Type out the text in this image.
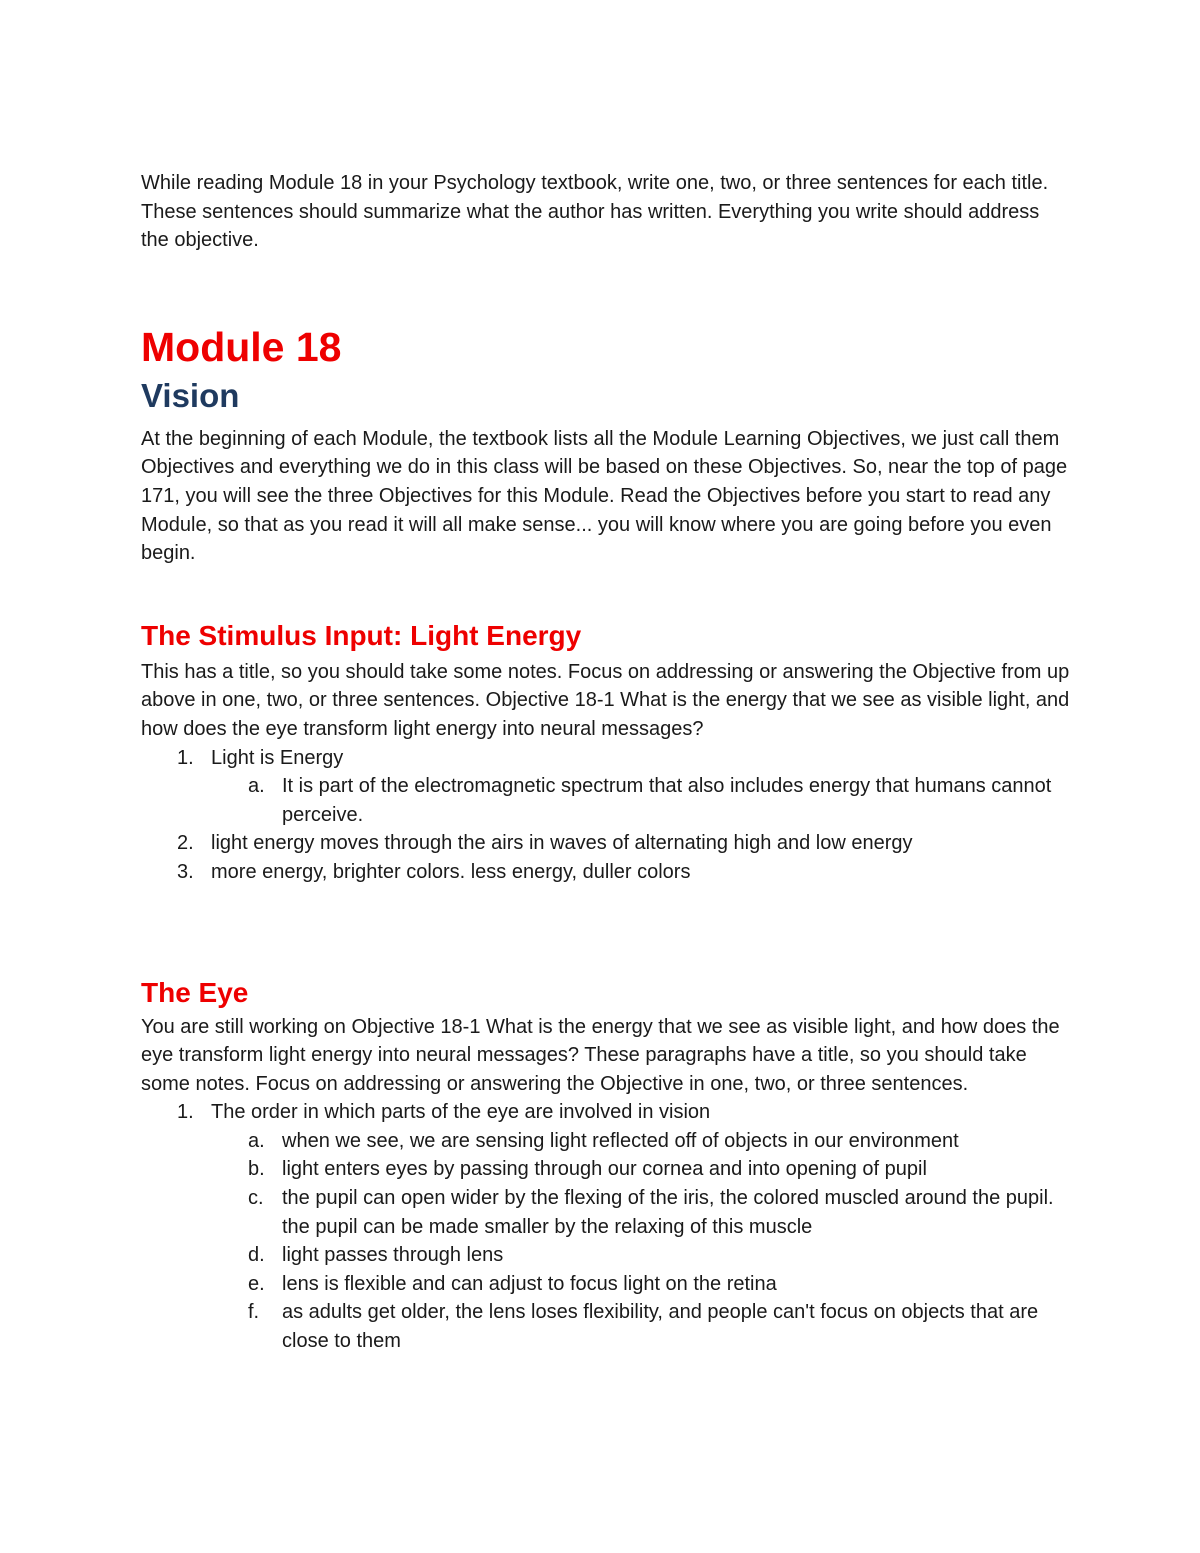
While reading Module 18 in your Psychology textbook, write one, two, or three sentences for each title. These sentences should summarize what the author has written. Everything you write should address the objective.

Module 18
Vision

At the beginning of each Module, the textbook lists all the Module Learning Objectives, we just call them Objectives and everything we do in this class will be based on these Objectives. So, near the top of page 171, you will see the three Objectives for this Module. Read the Objectives before you start to read any Module, so that as you read it will all make sense... you will know where you are going before you even begin.

The Stimulus Input: Light Energy

This has a title, so you should take some notes. Focus on addressing or answering the Objective from up above in one, two, or three sentences. Objective 18-1 What is the energy that we see as visible light, and how does the eye transform light energy into neural messages?

1. Light is Energy
a. It is part of the electromagnetic spectrum that also includes energy that humans cannot perceive.
2. light energy moves through the airs in waves of alternating high and low energy
3. more energy, brighter colors. less energy, duller colors
The Eye

You are still working on Objective 18-1 What is the energy that we see as visible light, and how does the eye transform light energy into neural messages? These paragraphs have a title, so you should take some notes. Focus on addressing or answering the Objective in one, two, or three sentences.

1. The order in which parts of the eye are involved in vision
a. when we see, we are sensing light reflected off of objects in our environment
b. light enters eyes by passing through our cornea and into opening of pupil
c. the pupil can open wider by the flexing of the iris, the colored muscled around the pupil. the pupil can be made smaller by the relaxing of this muscle
d. light passes through lens
e. lens is flexible and can adjust to focus light on the retina
f. as adults get older, the lens loses flexibility, and people can't focus on objects that are close to them
